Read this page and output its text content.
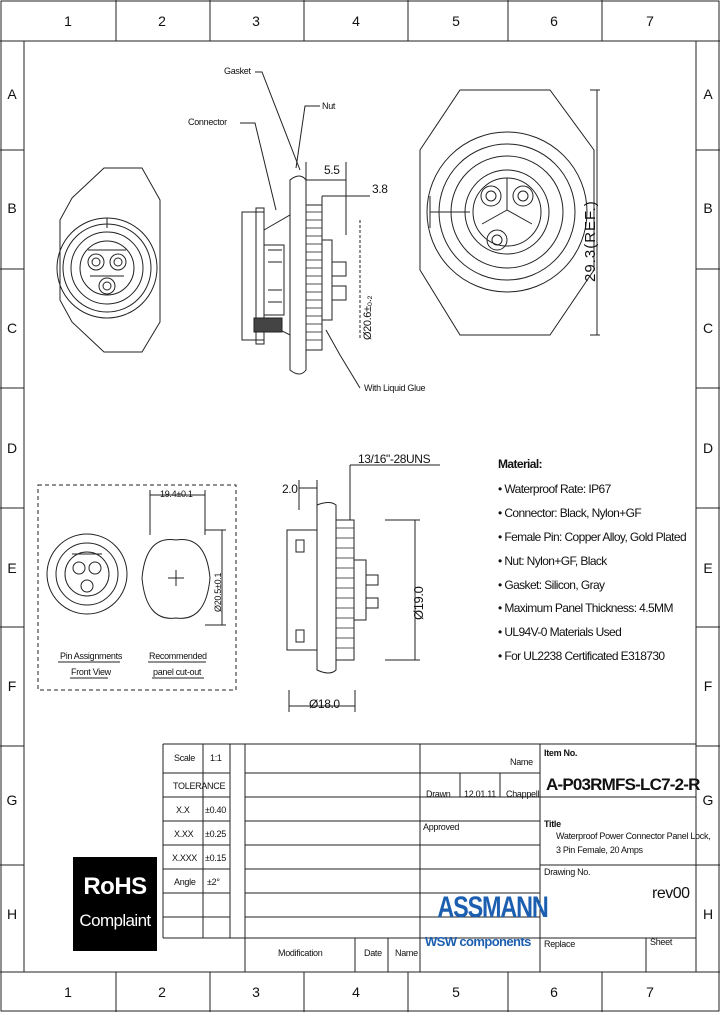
1	2	3	4	5	6	7
1	2	3	4	5	6	7
A
B
C
D
E
F
G
H
A
B
C
D
E
F
G
H
Gasket
Nut
Connector
With Liquid Glue
13/16"-28UNS
5.5
3.8
Ø20.6±₀.₂
29.3(REF.)
2.0
Ø19.0
Ø18.0
19.4±0.1
Ø20.5±0.1
Pin Assignments
Front View
Recommended
panel cut-out
Material:
• Waterproof Rate: IP67
• Connector: Black, Nylon+GF
• Female Pin: Copper Alloy, Gold Plated
• Nut: Nylon+GF, Black
• Gasket: Silicon, Gray
• Maximum Panel Thickness: 4.5MM
• UL94V-0 Materials Used
• For UL2238 Certificated E318730
Scale 1:1
TOLERANCE
X.X ±0.40
X.XX ±0.25
X.XXX ±0.15
Angle ±2°
Name
Item No.
A-P03RMFS-LC7-2-R
Drawn 12.01.11 Chappell
Approved	Title
Waterproof Power Connector Panel Lock,
3 Pin Female, 20 Amps
Drawing No.
rev00
Modification	Date Name
Replace	Sheet
RoHS
Complaint	ASSMANN
WSW components
